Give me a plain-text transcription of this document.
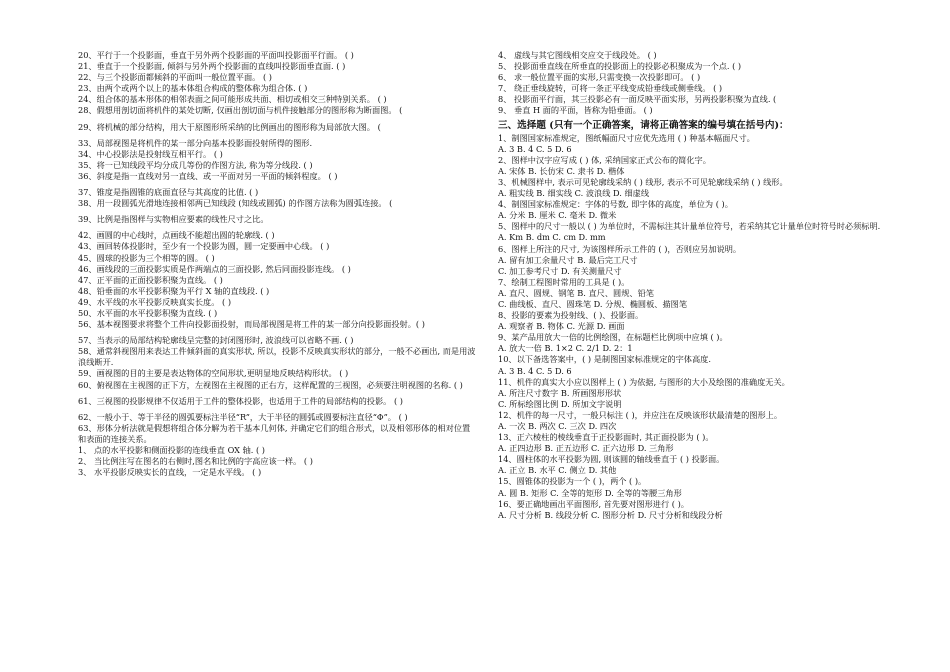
20、平行于一个投影面，垂直于另外两个投影面的平面叫投影面平行面。 ( )
21、垂直于一个投影面, 倾斜与另外两个投影面的直线叫投影面垂直面. ( )
22、与三个投影面都倾斜的平面叫一般位置平面。 ( )
23、由两个或两个以上的基本体组合构成的整体称为组合体. ( )
24、组合体的基本形体的相邻表面之间可能形成共面、相切或相交三种特别关系。 ( )
28、假想用剖切面将机件的某处切断, 仅画出剖切面与机件接触部分的图形称为断面图。 (
29、将机械的部分结构，用大于原图形所采纳的比例画出的图形称为局部放大图。 (
33、局部视图是将机件的某一部分向基本投影面投射所得的图形.
34、中心投影法是投射线互相平行。 ( )
35、将一已知线段平均分成几等份的作图方法, 称为等分线段. ( )
36、斜度是指一直线对另一直线、或一平面对另一平面的倾斜程度。 ( )
37、锥度是指圆锥的底面直径与其高度的比值. ( )
38、用一段圆弧光滑地连接相邻两已知线段 (知线或圆弧) 的作图方法称为圆弧连接。 (
39、比例是指图样与实物相应要素的线性尺寸之比。
42、画圆的中心线时，点画线不能超出圆的轮廓线. ( )
43、画回转体投影时，至少有一个投影为圆，圆一定要画中心线。 ( )
45、圆球的投影为三个相等的圆。 ( )
46、画线段的三面投影实质是作两端点的三面投影, 然后同面投影连线。 ( )
47、正平面的正面投影积聚为直线。 ( )
48、铅垂面的水平投影积聚为平行 X 轴的直线段. ( )
49、水平线的水平投影反映真实长度。 ( )
50、水平面的水平投影积聚为直线. ( )
56、基本视图要求将整个工件向投影面投射，而局部视图是将工件的某一部分向投影面投射。( )
57、当表示的局部结构轮廓线呈完整的封闭图形时, 波浪线可以省略不画. ( )
58、通常斜视图用来表达工件倾斜面的真实形状, 所以，投影不反映真实形状的部分，一般不必画出, 而是用波浪线断开.
59、画视图的目的主要是表达物体的空间形状,更明显地反映结构形状。 ( )
60、俯视图在主视图的正下方，左视图在主视图的正右方，这样配置的三视图，必须要注明视图的名称. ( )
61、三视图的投影规律不仅适用于工件的整体投影，也适用于工件的局部结构的投影。 ( )
62、一般小于、等于半径的圆弧要标注半径“R”，大于半径的圆弧或圆要标注直径“Φ”。 ( )
63、形体分析法就是假想将组合体分解为若干基本几何体, 并确定它们的组合形式，以及相邻形体的相对位置和表面的连接关系。
1、 点的水平投影和侧面投影的连线垂直 OX 轴. ( )
2、 当比例注写在图名的右侧时,图名和比例的字高应该一样。 ( )
3、 水平投影反映实长的直线，一定是水平线。 ( )
4、 虚线与其它图线相交应交于线段处。 ( )
5、 投影面垂直线在所垂直的投影面上的投影必积聚成为一个点. ( )
6、 求一般位置平面的实形,只需变换一次投影即可。 ( )
7、 绕正垂线旋转，可将一条正平线变成铅垂线或侧垂线。 ( )
8、 投影面平行面，其三投影必有一面反映平面实形，另两投影积聚为直线. (
9、 垂直 H 面的平面，皆称为铅垂面。 ( )
三、选择题 (只有一个正确答案，请将正确答案的编号填在括号内)：
1、制图国家标准规定，图纸幅面尺寸应优先选用 ( ) 种基本幅面尺寸。
A. 3 B. 4 C. 5 D. 6
2、图样中汉字应写成 ( ) 体, 采纳国家正式公布的简化字。
A. 宋体 B. 长仿宋 C. 隶书 D. 楷体
3、机械图样中, 表示可见轮廓线采纳 ( ) 线形, 表示不可见轮廓线采纳 ( ) 线形。
A. 粗实线 B. 细实线 C. 波浪线 D. 细虚线
4、制图国家标准规定：字体的号数, 即字体的高度，单位为 ( )。
A. 分米 B. 厘米 C. 毫米 D. 微米
5、图样中的尺寸一般以 ( ) 为单位时，不需标注其计量单位符号，若采纳其它计量单位时符号时必须标明.
A. Km B. dm C. cm D. mm
6、图样上所注的尺寸, 为该图样所示工件的 ( )，否则应另加说明。
A. 留有加工余量尺寸 B. 最后完工尺寸
C. 加工参考尺寸 D. 有关测量尺寸
7、绘制工程图时常用的工具是 ( )。
A. 直尺、圆规、钢笔 B. 直尺、圆规、铅笔
C. 曲线板、直尺、圆珠笔 D. 分规、椭圆板、描图笔
8、投影的要素为投射线、( )、投影面。
A. 观察者 B. 物体 C. 光源 D. 画面
9、某产品用放大一倍的比例绘图，在标题栏比例项中应填 ( )。
A. 放大一倍 B. 1×2 C. 2/1 D. 2：1
10、以下备选答案中，( ) 是制图国家标准规定的字体高度.
A. 3 B. 4 C. 5 D. 6
11、机件的真实大小应以图样上 ( ) 为依据, 与图形的大小及绘图的准确度无关。
A. 所注尺寸数字 B. 所画图形形状
C. 所标绘图比例 D. 所加文字说明
12、机件的每一尺寸，一般只标注 ( )，并应注在反映该形状最清楚的图形上。
A. 一次 B. 两次 C. 三次 D. 四次
13、正六棱柱的棱线垂直于正投影面时, 其正面投影为 ( )。
A. 正四边形 B. 正五边形 C. 正六边形 D. 三角形
14、圆柱体的水平投影为圆, 则该圆的轴线垂直于 ( ) 投影面。
A. 正立 B. 水平 C. 侧立 D. 其他
15、圆锥体的投影为一个 ( )，两个 ( )。
A. 圆 B. 矩形 C. 全等的矩形 D. 全等的等腰三角形
16、要正确地画出平面图形, 首先要对图形进行 ( )。
A. 尺寸分析 B. 线段分析 C. 图形分析 D. 尺寸分析和线段分析
